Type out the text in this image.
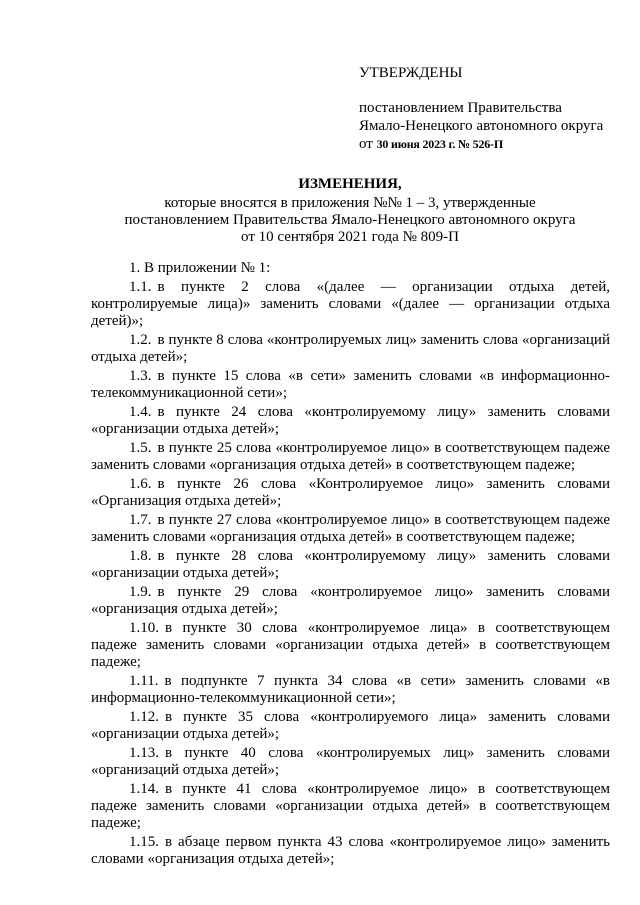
УТВЕРЖДЕНЫ
постановлением Правительства
Ямало-Ненецкого автономного округа
от 30 июня 2023 г. № 526-П
ИЗМЕНЕНИЯ,
которые вносятся в приложения №№ 1 – 3, утвержденные
постановлением Правительства Ямало-Ненецкого автономного округа
от 10 сентября 2021 года № 809-П

1. В приложении № 1:

1.1. в пункте 2 слова «(далее — организации отдыха детей, контролируемые лица)» заменить словами «(далее — организации отдыха детей)»;

1.2. в пункте 8 слова «контролируемых лиц» заменить слова «организаций отдыха детей»;

1.3. в пункте 15 слова «в сети» заменить словами «в информационно-телекоммуникационной сети»;

1.4. в пункте 24 слова «контролируемому лицу» заменить словами «организации отдыха детей»;

1.5. в пункте 25 слова «контролируемое лицо» в соответствующем падеже заменить словами «организация отдыха детей» в соответствующем падеже;

1.6. в пункте 26 слова «Контролируемое лицо» заменить словами «Организация отдыха детей»;

1.7. в пункте 27 слова «контролируемое лицо» в соответствующем падеже заменить словами «организация отдыха детей» в соответствующем падеже;

1.8. в пункте 28 слова «контролируемому лицу» заменить словами «организации отдыха детей»;

1.9. в пункте 29 слова «контролируемое лицо» заменить словами «организация отдыха детей»;

1.10. в пункте 30 слова «контролируемое лица» в соответствующем падеже заменить словами «организации отдыха детей» в соответствующем падеже;

1.11. в подпункте 7 пункта 34 слова «в сети» заменить словами «в информационно-телекоммуникационной сети»;

1.12. в пункте 35 слова «контролируемого лица» заменить словами «организации отдыха детей»;

1.13. в пункте 40 слова «контролируемых лиц» заменить словами «организаций отдыха детей»;

1.14. в пункте 41 слова «контролируемое лицо» в соответствующем падеже заменить словами «организации отдыха детей» в соответствующем падеже;

1.15. в абзаце первом пункта 43 слова «контролируемое лицо» заменить словами «организация отдыха детей»;
